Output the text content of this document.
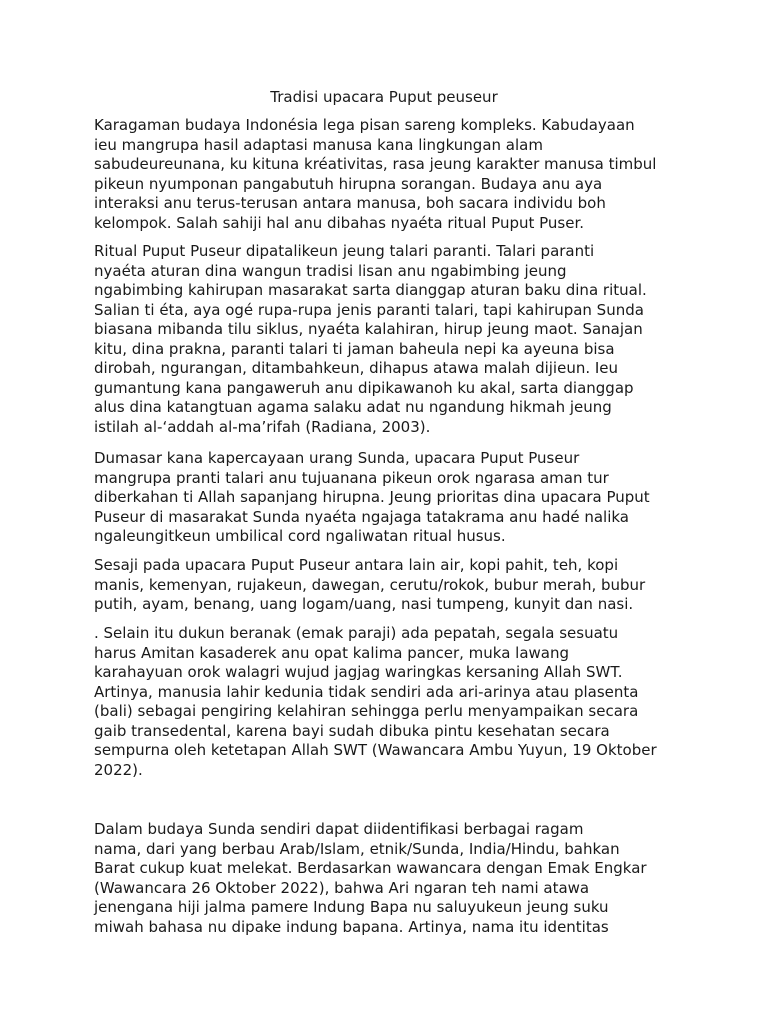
Tradisi upacara Puput peuseur

Karagaman budaya Indonésia lega pisan sareng kompleks. Kabudayaan
ieu mangrupa hasil adaptasi manusa kana lingkungan alam
sabudeureunana, ku kituna kréativitas, rasa jeung karakter manusa timbul
pikeun nyumponan pangabutuh hirupna sorangan. Budaya anu aya
interaksi anu terus-terusan antara manusa, boh sacara individu boh
kelompok. Salah sahiji hal anu dibahas nyaéta ritual Puput Puser.

Ritual Puput Puseur dipatalikeun jeung talari paranti. Talari paranti
nyaéta aturan dina wangun tradisi lisan anu ngabimbing jeung
ngabimbing kahirupan masarakat sarta dianggap aturan baku dina ritual.
Salian ti éta, aya ogé rupa-rupa jenis paranti talari, tapi kahirupan Sunda
biasana mibanda tilu siklus, nyaéta kalahiran, hirup jeung maot. Sanajan
kitu, dina prakna, paranti talari ti jaman baheula nepi ka ayeuna bisa
dirobah, ngurangan, ditambahkeun, dihapus atawa malah dijieun. Ieu
gumantung kana pangaweruh anu dipikawanoh ku akal, sarta dianggap
alus dina katangtuan agama salaku adat nu ngandung hikmah jeung
istilah al-‘addah al-ma’rifah (Radiana, 2003).

Dumasar kana kapercayaan urang Sunda, upacara Puput Puseur
mangrupa pranti talari anu tujuanana pikeun orok ngarasa aman tur
diberkahan ti Allah sapanjang hirupna. Jeung prioritas dina upacara Puput
Puseur di masarakat Sunda nyaéta ngajaga tatakrama anu hadé nalika
ngaleungitkeun umbilical cord ngaliwatan ritual husus.

Sesaji pada upacara Puput Puseur antara lain air, kopi pahit, teh, kopi
manis, kemenyan, rujakeun, dawegan, cerutu/rokok, bubur merah, bubur
putih, ayam, benang, uang logam/uang, nasi tumpeng, kunyit dan nasi.

. Selain itu dukun beranak (emak paraji) ada pepatah, segala sesuatu
harus Amitan kasaderek anu opat kalima pancer, muka lawang
karahayuan orok walagri wujud jagjag waringkas kersaning Allah SWT.
Artinya, manusia lahir kedunia tidak sendiri ada ari-arinya atau plasenta
(bali) sebagai pengiring kelahiran sehingga perlu menyampaikan secara
gaib transedental, karena bayi sudah dibuka pintu kesehatan secara
sempurna oleh ketetapan Allah SWT (Wawancara Ambu Yuyun, 19 Oktober
2022).

Dalam budaya Sunda sendiri dapat diidentifikasi berbagai ragam
nama, dari yang berbau Arab/Islam, etnik/Sunda, India/Hindu, bahkan
Barat cukup kuat melekat. Berdasarkan wawancara dengan Emak Engkar
(Wawancara 26 Oktober 2022), bahwa Ari ngaran teh nami atawa
jenengana hiji jalma pamere Indung Bapa nu saluyukeun jeung suku
miwah bahasa nu dipake indung bapana. Artinya, nama itu identitas
